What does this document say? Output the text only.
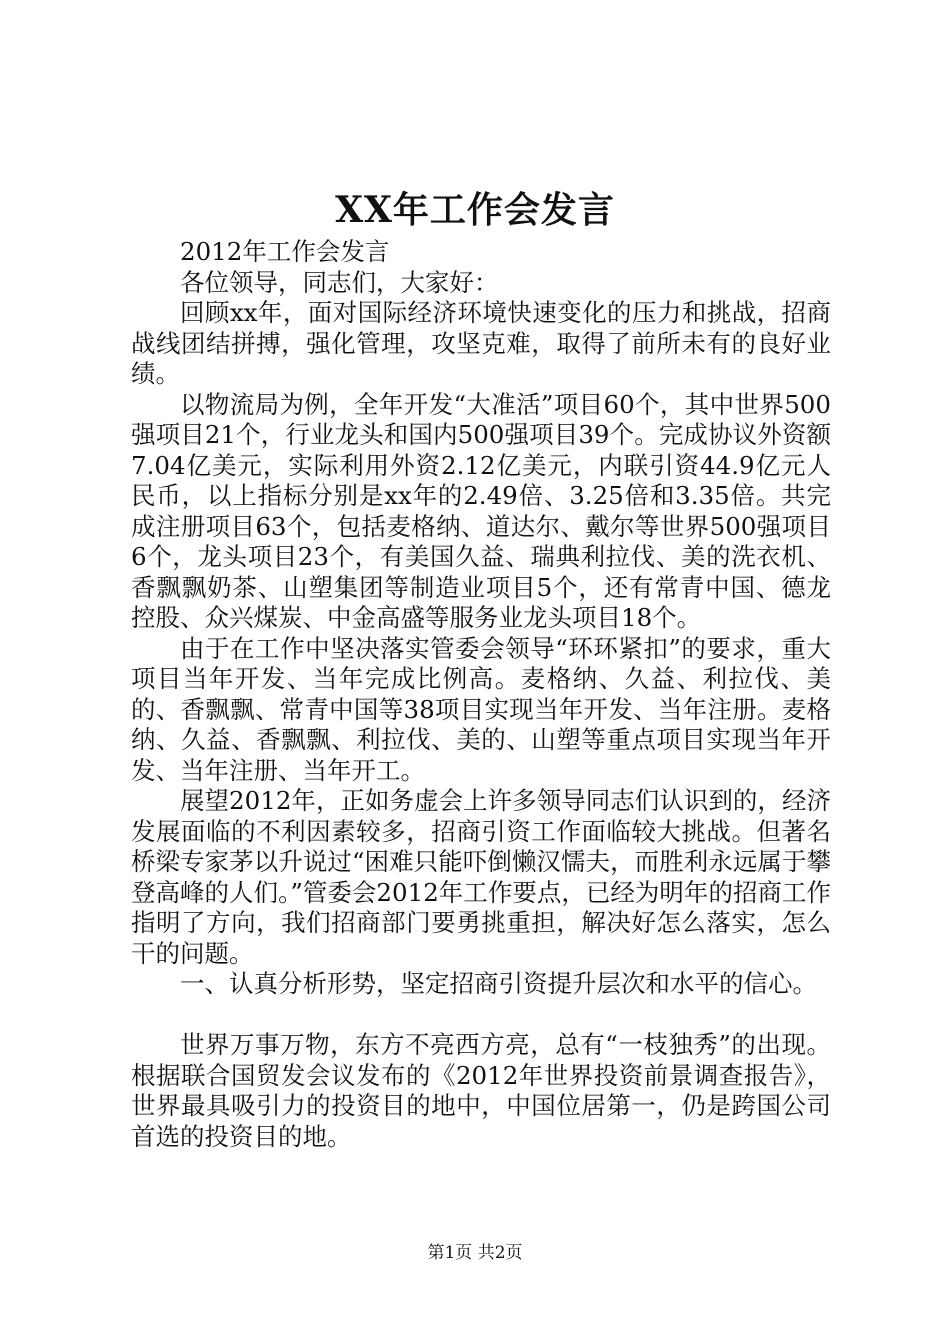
XX年工作会发言

2012年工作会发言

各位领导，同志们，大家好：

回顾xx年，面对国际经济环境快速变化的压力和挑战，招商战线团结拼搏，强化管理，攻坚克难，取得了前所未有的良好业绩。

以物流局为例，全年开发“大准活”项目60个，其中世界500强项目21个，行业龙头和国内500强项目39个。完成协议外资额7.04亿美元，实际利用外资2.12亿美元，内联引资44.9亿元人民币，以上指标分别是xx年的2.49倍、3.25倍和3.35倍。共完成注册项目63个，包括麦格纳、道达尔、戴尔等世界500强项目6个，龙头项目23个，有美国久益、瑞典利拉伐、美的洗衣机、香飘飘奶茶、山塑集团等制造业项目5个，还有常青中国、德龙控股、众兴煤炭、中金高盛等服务业龙头项目18个。

由于在工作中坚决落实管委会领导“环环紧扣”的要求，重大项目当年开发、当年完成比例高。麦格纳、久益、利拉伐、美的、香飘飘、常青中国等38项目实现当年开发、当年注册。麦格纳、久益、香飘飘、利拉伐、美的、山塑等重点项目实现当年开发、当年注册、当年开工。

展望2012年，正如务虚会上许多领导同志们认识到的，经济发展面临的不利因素较多，招商引资工作面临较大挑战。但著名桥梁专家茅以升说过“困难只能吓倒懒汉懦夫，而胜利永远属于攀登高峰的人们。”管委会2012年工作要点，已经为明年的招商工作指明了方向，我们招商部门要勇挑重担，解决好怎么落实，怎么干的问题。

一、认真分析形势，坚定招商引资提升层次和水平的信心。

世界万事万物，东方不亮西方亮，总有“一枝独秀”的出现。根据联合国贸发会议发布的《2012年世界投资前景调查报告》，世界最具吸引力的投资目的地中，中国位居第一，仍是跨国公司首选的投资目的地。

第1页 共2页
